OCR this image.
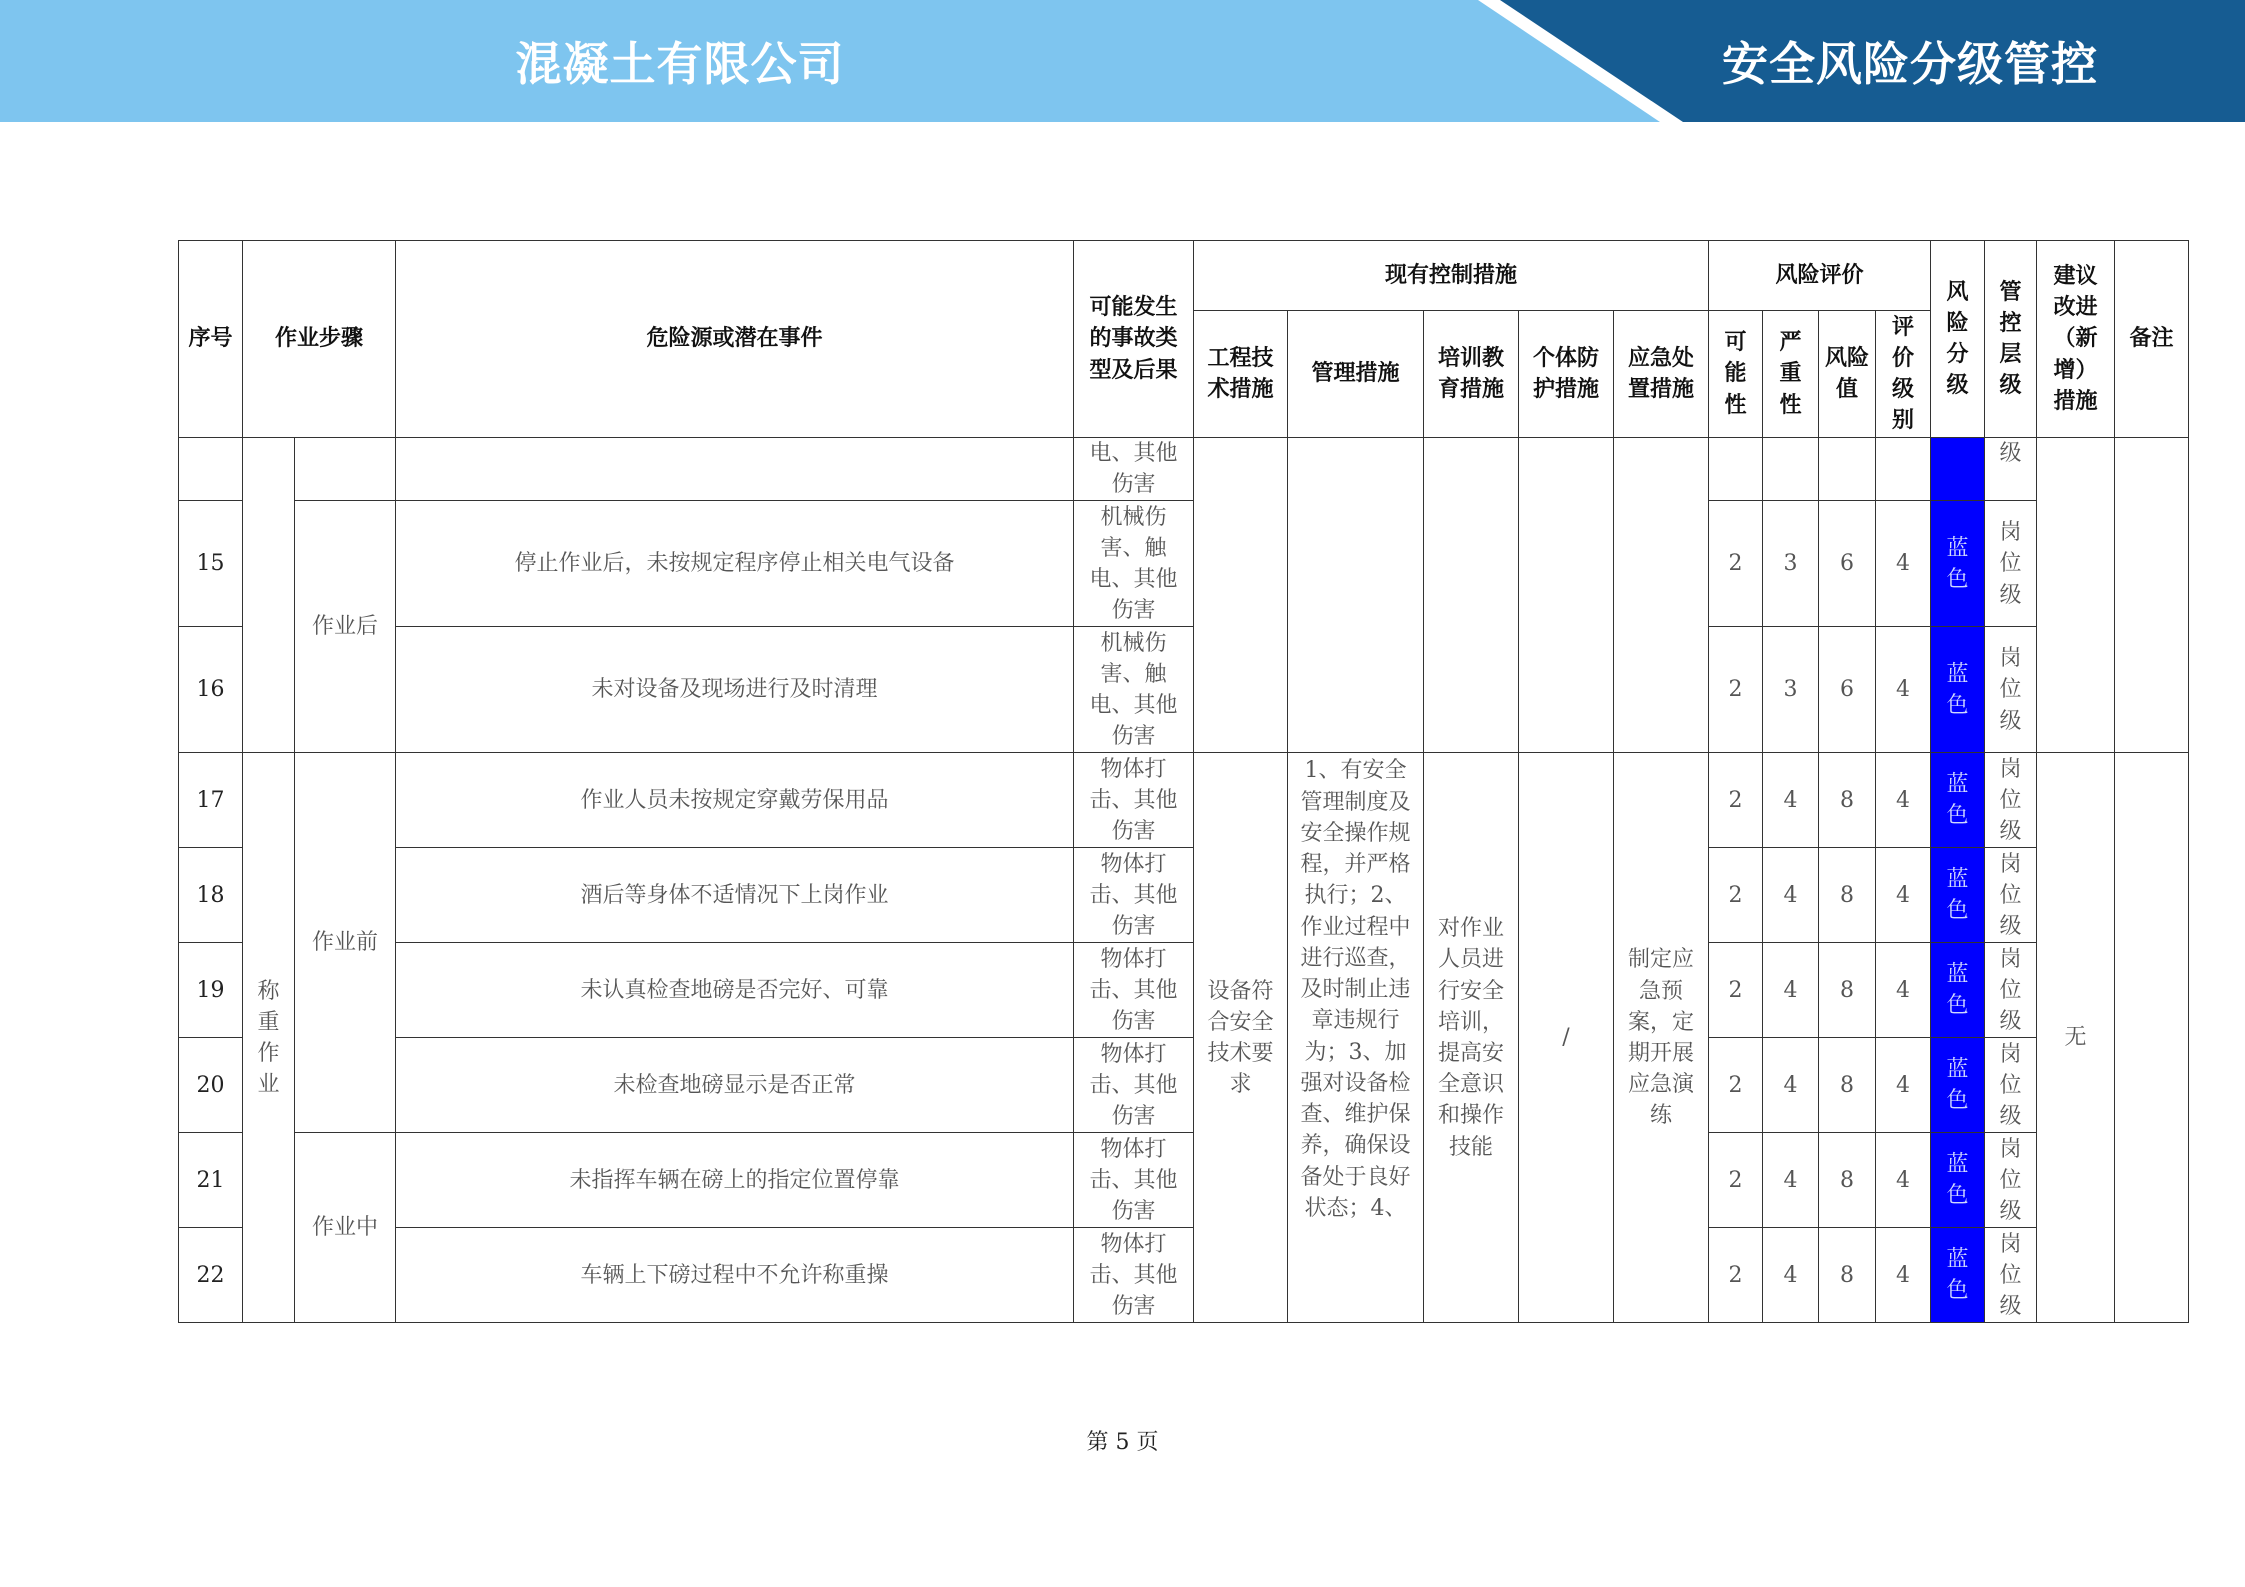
混凝土有限公司	安全风险分级管控
序号	作业步骤		危险源或潜在事件	可能发生的事故类型及后果	现有控制措施					风险评价				风险分级	管控层级	建议改进（新增）措施	备注
					工程技术措施	管理措施	培训教育措施	个体防护措施	应急处置措施	可能性	严重性	风险值	评价级别				
				电、其他伤害											级		
15		作业后	停止作业后，未按规定程序停止相关电气设备	机械伤害、触电、其他伤害						2	3	6	4	蓝色	岗位级		
16			未对设备及现场进行及时清理	机械伤害、触电、其他伤害						2	3	6	4	蓝色	岗位级		
17	称重作业	作业前	作业人员未按规定穿戴劳保用品	物体打击、其他伤害	设备符合安全技术要求	1、有安全管理制度及安全操作规程，并严格执行；2、作业过程中进行巡查，及时制止违章违规行为；3、加强对设备检查、维护保养，确保设备处于良好状态；4、	对作业人员进行安全培训，提高安全意识和操作技能	/	制定应急预案，定期开展应急演练	2	4	8	4	蓝色	岗位级	无	
18			酒后等身体不适情况下上岗作业	物体打击、其他伤害						2	4	8	4	蓝色	岗位级		
19			未认真检查地磅是否完好、可靠	物体打击、其他伤害						2	4	8	4	蓝色	岗位级		
20			未检查地磅显示是否正常	物体打击、其他伤害						2	4	8	4	蓝色	岗位级		
21		作业中	未指挥车辆在磅上的指定位置停靠	物体打击、其他伤害						2	4	8	4	蓝色	岗位级		
22			车辆上下磅过程中不允许称重操	物体打击、其他伤害						2	4	8	4	蓝色	岗位级		
第 5 页
